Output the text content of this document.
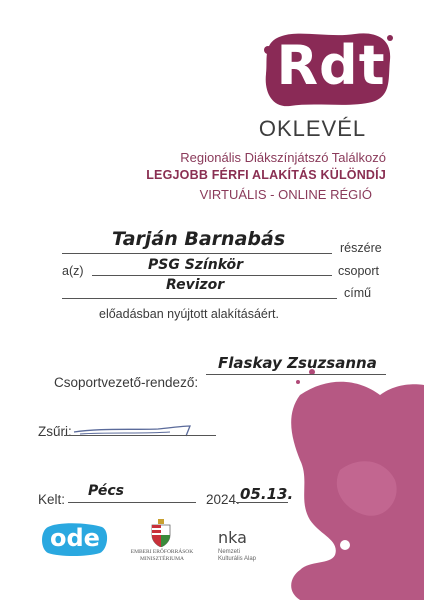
Rdt
OKLEVÉL
Regionális Diákszínjátszó Találkozó
LEGJOBB FÉRFI ALAKÍTÁS KÜLÖNDÍJ
VIRTUÁLIS - ONLINE RÉGIÓ
Tarján Barnabás	részére
a(z)	PSG Színkör	csoport
Revizor	című
előadásban nyújtott alakításáért.
Csoportvezető-rendező:
Flaskay Zsuzsanna
Zsűri:
Kelt:
Pécs
2024. 05.13.
ode	EMBERI ERŐFORRÁSOK
MINISZTÉRIUMA
nka
Nemzeti
Kulturális Alap
